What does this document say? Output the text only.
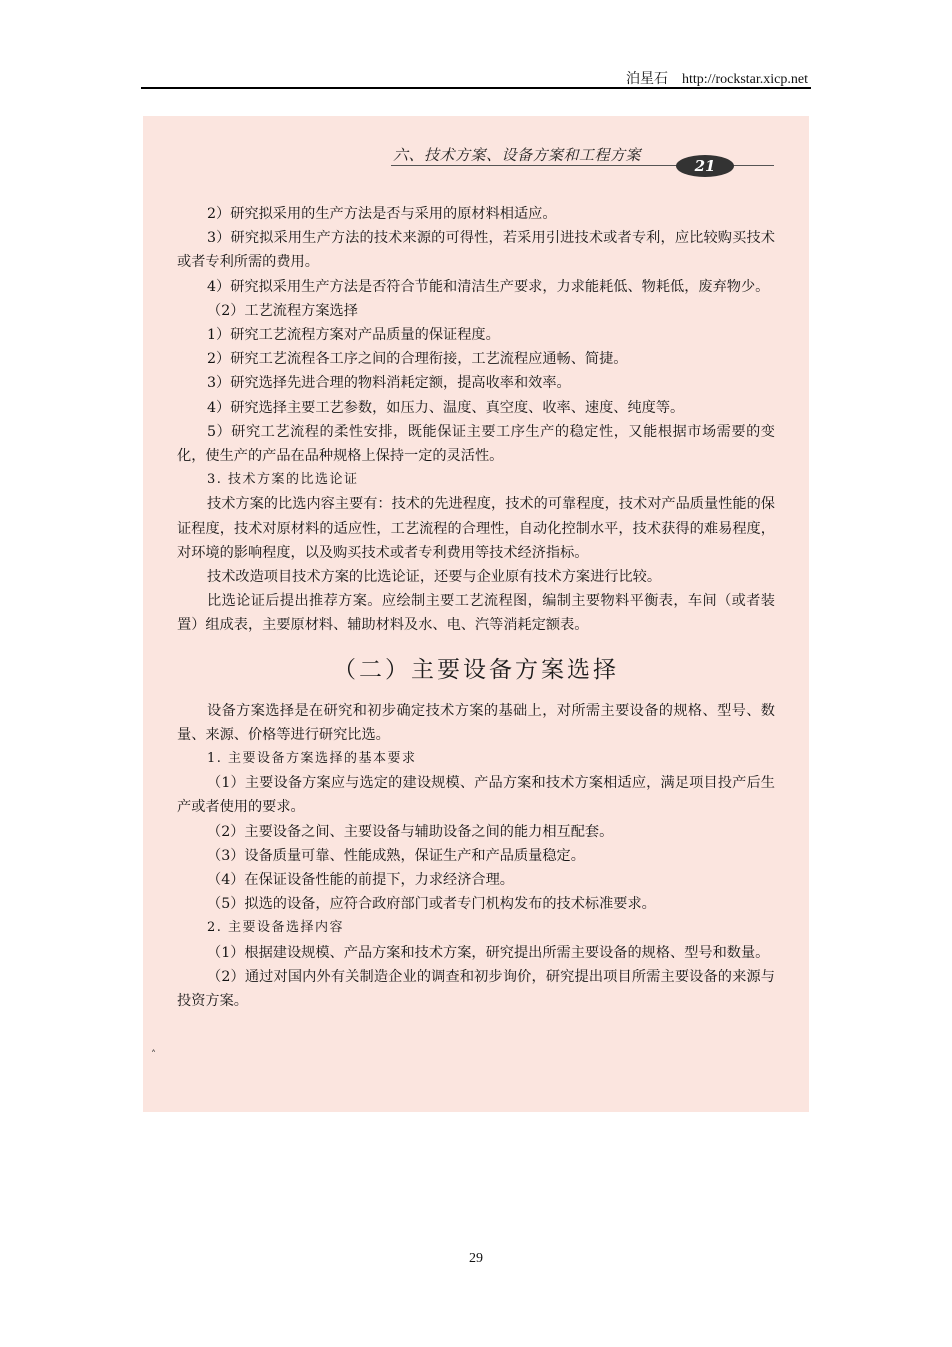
泊星石 http://rockstar.xicp.net
六、技术方案、设备方案和工程方案
21

2）研究拟采用的生产方法是否与采用的原材料相适应。

3）研究拟采用生产方法的技术来源的可得性，若采用引进技术或者专利，应比较购买技术或者专利所需的费用。

4）研究拟采用生产方法是否符合节能和清洁生产要求，力求能耗低、物耗低，废弃物少。

（2）工艺流程方案选择

1）研究工艺流程方案对产品质量的保证程度。

2）研究工艺流程各工序之间的合理衔接，工艺流程应通畅、简捷。

3）研究选择先进合理的物料消耗定额，提高收率和效率。

4）研究选择主要工艺参数，如压力、温度、真空度、收率、速度、纯度等。

5）研究工艺流程的柔性安排，既能保证主要工序生产的稳定性，又能根据市场需要的变化，使生产的产品在品种规格上保持一定的灵活性。

3. 技术方案的比选论证

技术方案的比选内容主要有：技术的先进程度，技术的可靠程度，技术对产品质量性能的保证程度，技术对原材料的适应性，工艺流程的合理性，自动化控制水平，技术获得的难易程度，对环境的影响程度，以及购买技术或者专利费用等技术经济指标。

技术改造项目技术方案的比选论证，还要与企业原有技术方案进行比较。

比选论证后提出推荐方案。应绘制主要工艺流程图，编制主要物料平衡表，车间（或者装置）组成表，主要原材料、辅助材料及水、电、汽等消耗定额表。

（二）主要设备方案选择

设备方案选择是在研究和初步确定技术方案的基础上，对所需主要设备的规格、型号、数量、来源、价格等进行研究比选。

1. 主要设备方案选择的基本要求

（1）主要设备方案应与选定的建设规模、产品方案和技术方案相适应，满足项目投产后生产或者使用的要求。

（2）主要设备之间、主要设备与辅助设备之间的能力相互配套。

（3）设备质量可靠、性能成熟，保证生产和产品质量稳定。

（4）在保证设备性能的前提下，力求经济合理。

（5）拟选的设备，应符合政府部门或者专门机构发布的技术标准要求。

2. 主要设备选择内容

（1）根据建设规模、产品方案和技术方案，研究提出所需主要设备的规格、型号和数量。

（2）通过对国内外有关制造企业的调查和初步询价，研究提出项目所需主要设备的来源与投资方案。

˄
29
